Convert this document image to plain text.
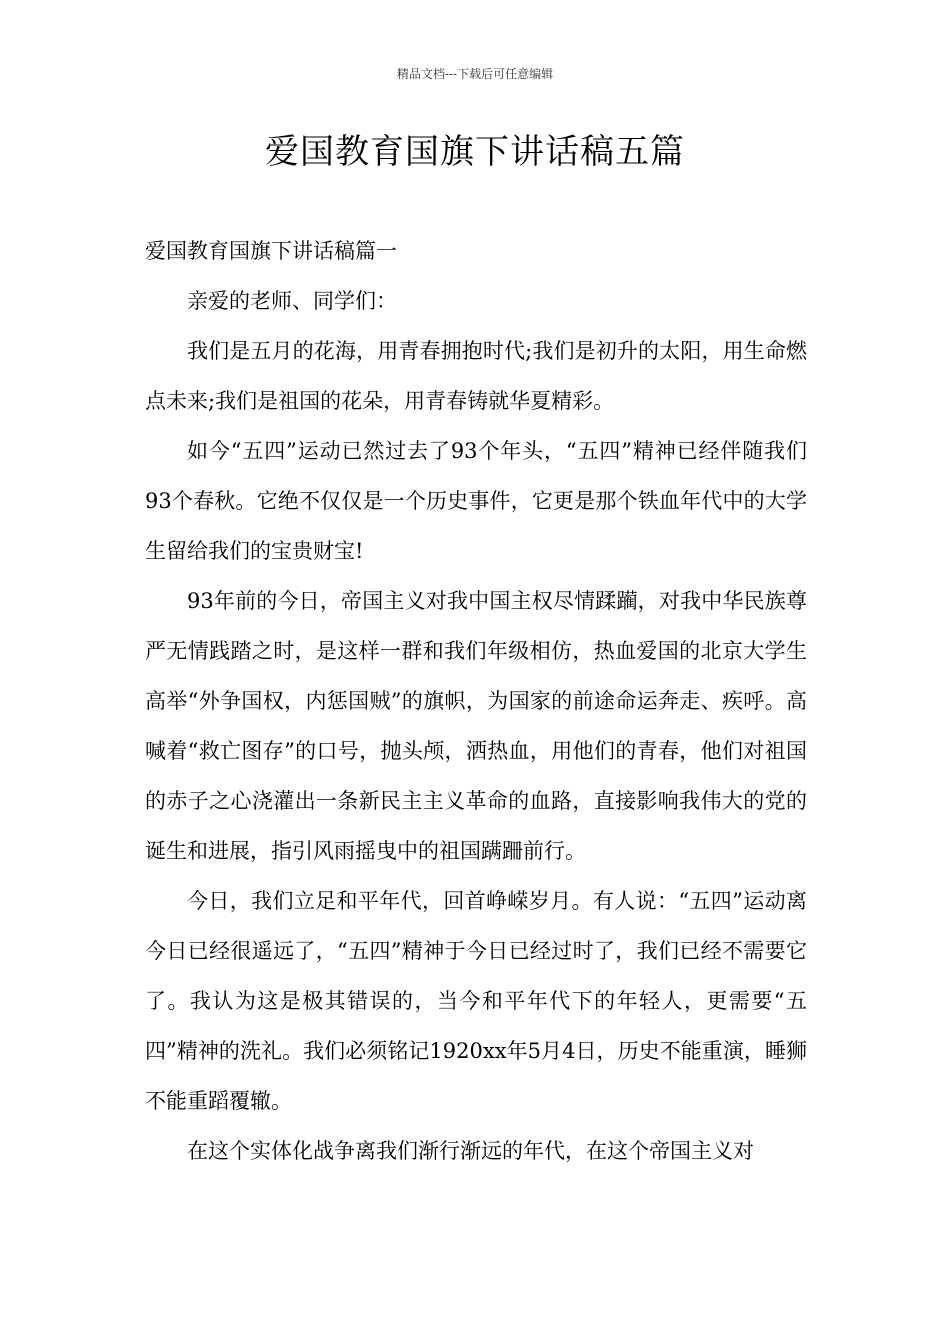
精品文档---下载后可任意编辑
爱国教育国旗下讲话稿五篇

爱国教育国旗下讲话稿篇一

亲爱的老师、同学们：

我们是五月的花海，用青春拥抱时代;我们是初升的太阳，用生命燃点未来;我们是祖国的花朵，用青春铸就华夏精彩。

如今“五四”运动已然过去了93个年头，“五四”精神已经伴随我们93个春秋。它绝不仅仅是一个历史事件，它更是那个铁血年代中的大学生留给我们的宝贵财宝!

93年前的今日，帝国主义对我中国主权尽情蹂躏，对我中华民族尊严无情践踏之时，是这样一群和我们年级相仿，热血爱国的北京大学生高举“外争国权，内惩国贼”的旗帜，为国家的前途命运奔走、疾呼。高喊着“救亡图存”的口号，抛头颅，洒热血，用他们的青春，他们对祖国的赤子之心浇灌出一条新民主主义革命的血路，直接影响我伟大的党的诞生和进展，指引风雨摇曳中的祖国蹒跚前行。

今日，我们立足和平年代，回首峥嵘岁月。有人说：“五四”运动离今日已经很遥远了，“五四”精神于今日已经过时了，我们已经不需要它了。我认为这是极其错误的，当今和平年代下的年轻人，更需要“五四”精神的洗礼。我们必须铭记1920xx年5月4日，历史不能重演，睡狮不能重蹈覆辙。

在这个实体化战争离我们渐行渐远的年代，在这个帝国主义对
